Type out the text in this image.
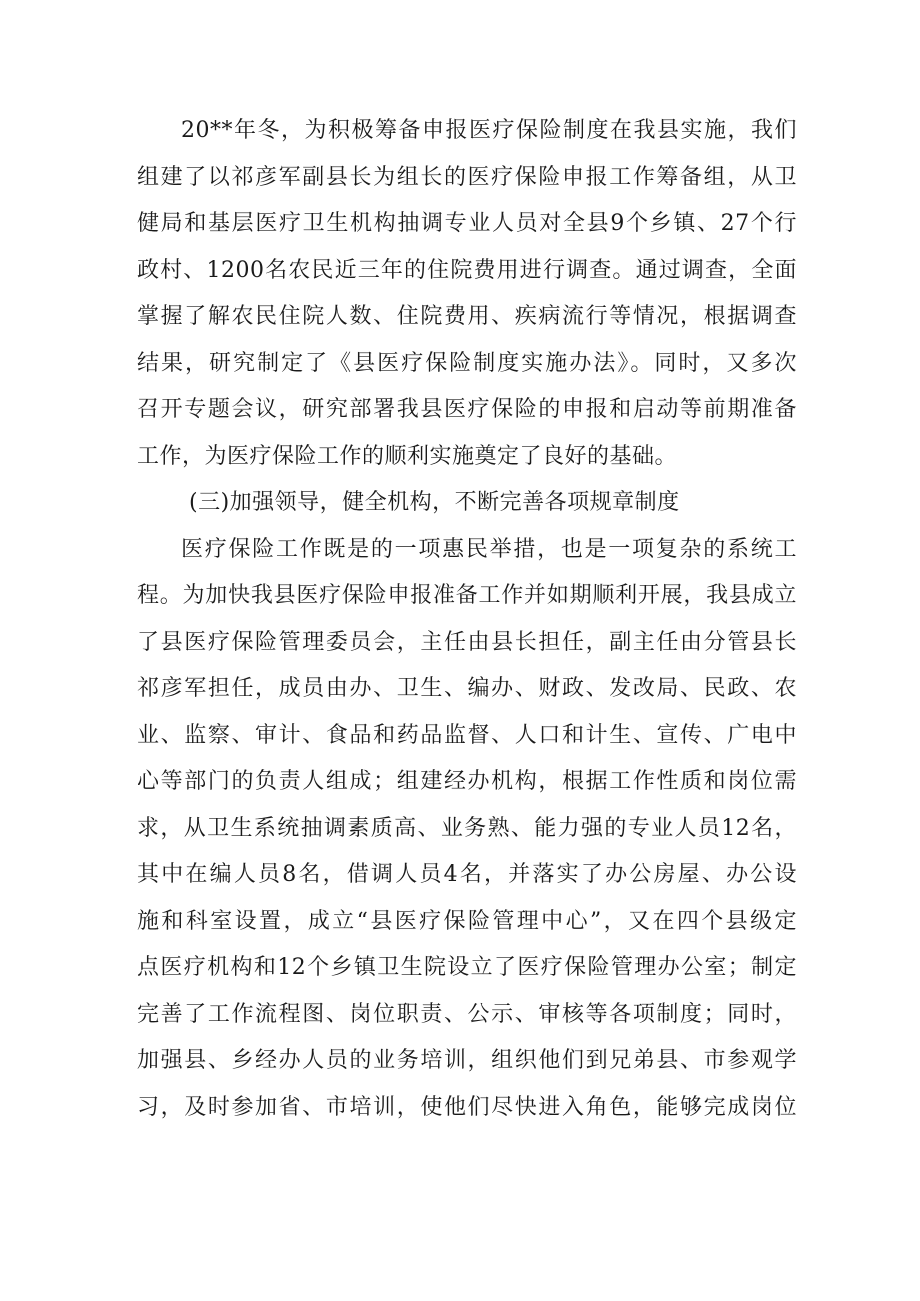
20**年冬，为积极筹备申报医疗保险制度在我县实施，我们
组建了以祁彦军副县长为组长的医疗保险申报工作筹备组，从卫
健局和基层医疗卫生机构抽调专业人员对全县9个乡镇、27个行
政村、1200名农民近三年的住院费用进行调查。通过调查，全面
掌握了解农民住院人数、住院费用、疾病流行等情况，根据调查
结果，研究制定了《县医疗保险制度实施办法》。同时，又多次
召开专题会议，研究部署我县医疗保险的申报和启动等前期准备
工作，为医疗保险工作的顺利实施奠定了良好的基础。
(三)加强领导，健全机构，不断完善各项规章制度
医疗保险工作既是的一项惠民举措，也是一项复杂的系统工
程。为加快我县医疗保险申报准备工作并如期顺利开展，我县成立
了县医疗保险管理委员会，主任由县长担任，副主任由分管县长
祁彦军担任，成员由办、卫生、编办、财政、发改局、民政、农
业、监察、审计、食品和药品监督、人口和计生、宣传、广电中
心等部门的负责人组成；组建经办机构，根据工作性质和岗位需
求，从卫生系统抽调素质高、业务熟、能力强的专业人员12名，
其中在编人员8名，借调人员4名，并落实了办公房屋、办公设
施和科室设置，成立“县医疗保险管理中心”，又在四个县级定
点医疗机构和12个乡镇卫生院设立了医疗保险管理办公室；制定
完善了工作流程图、岗位职责、公示、审核等各项制度；同时，
加强县、乡经办人员的业务培训，组织他们到兄弟县、市参观学
习，及时参加省、市培训，使他们尽快进入角色，能够完成岗位
